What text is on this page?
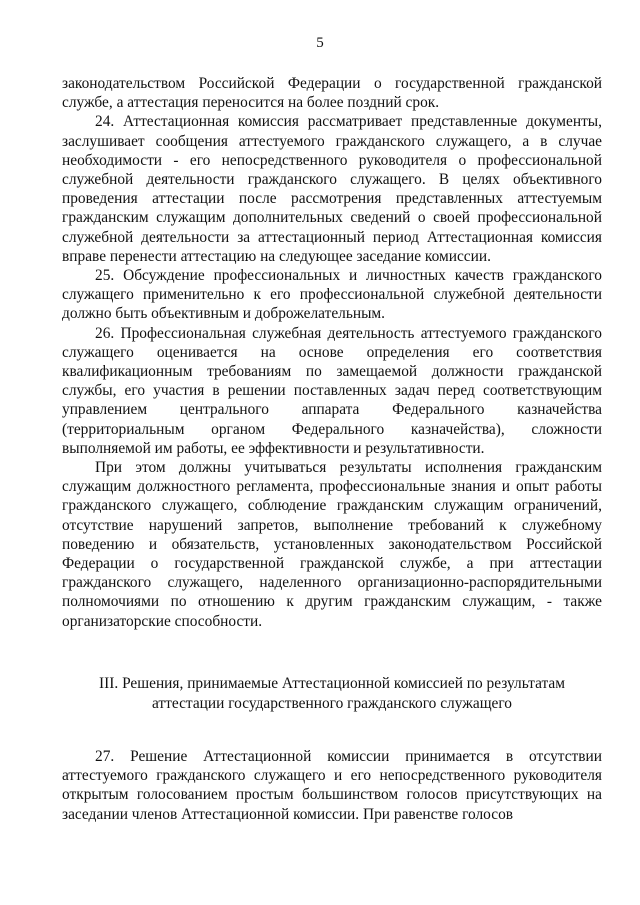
5

законодательством Российской Федерации о государственной гражданской службе, а аттестация переносится на более поздний срок.

24. Аттестационная комиссия рассматривает представленные документы, заслушивает сообщения аттестуемого гражданского служащего, а в случае необходимости - его непосредственного руководителя о профессиональной служебной деятельности гражданского служащего. В целях объективного проведения аттестации после рассмотрения представленных аттестуемым гражданским служащим дополнительных сведений о своей профессиональной служебной деятельности за аттестационный период Аттестационная комиссия вправе перенести аттестацию на следующее заседание комиссии.

25. Обсуждение профессиональных и личностных качеств гражданского служащего применительно к его профессиональной служебной деятельности должно быть объективным и доброжелательным.

26. Профессиональная служебная деятельность аттестуемого гражданского служащего оценивается на основе определения его соответствия квалификационным требованиям по замещаемой должности гражданской службы, его участия в решении поставленных задач перед соответствующим управлением центрального аппарата Федерального казначейства (территориальным органом Федерального казначейства), сложности выполняемой им работы, ее эффективности и результативности.

При этом должны учитываться результаты исполнения гражданским служащим должностного регламента, профессиональные знания и опыт работы гражданского служащего, соблюдение гражданским служащим ограничений, отсутствие нарушений запретов, выполнение требований к служебному поведению и обязательств, установленных законодательством Российской Федерации о государственной гражданской службе, а при аттестации гражданского служащего, наделенного организационно-распорядительными полномочиями по отношению к другим гражданским служащим, - также организаторские способности.

III. Решения, принимаемые Аттестационной комиссией по результатам
аттестации государственного гражданского служащего

27. Решение Аттестационной комиссии принимается в отсутствии аттестуемого гражданского служащего и его непосредственного руководителя открытым голосованием простым большинством голосов присутствующих на заседании членов Аттестационной комиссии. При равенстве голосов
